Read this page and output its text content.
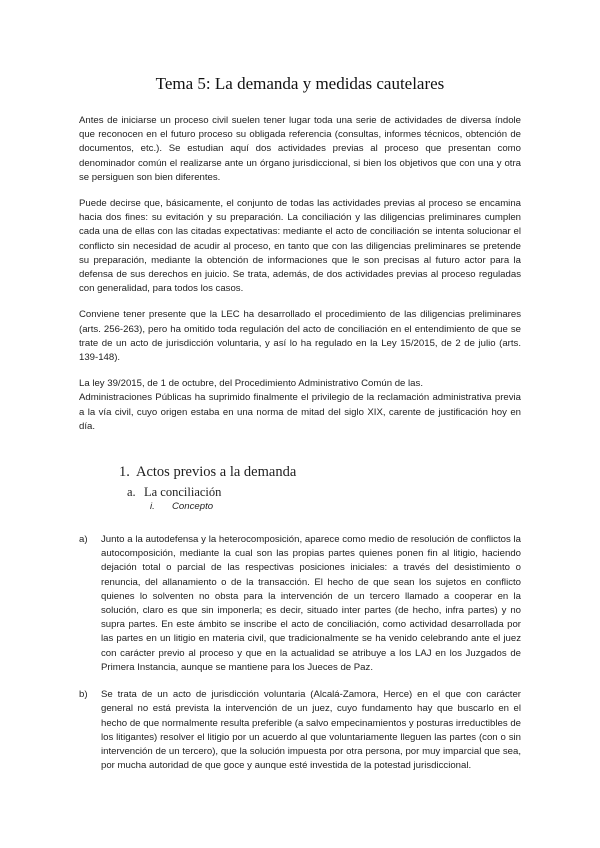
Tema 5: La demanda y medidas cautelares

Antes de iniciarse un proceso civil suelen tener lugar toda una serie de actividades de diversa índole que reconocen en el futuro proceso su obligada referencia (consultas, informes técnicos, obtención de documentos, etc.). Se estudian aquí dos actividades previas al proceso que presentan como denominador común el realizarse ante un órgano jurisdiccional, si bien los objetivos que con una y otra se persiguen son bien diferentes.

Puede decirse que, básicamente, el conjunto de todas las actividades previas al proceso se encamina hacia dos fines: su evitación y su preparación. La conciliación y las diligencias preliminares cumplen cada una de ellas con las citadas expectativas: mediante el acto de conciliación se intenta solucionar el conflicto sin necesidad de acudir al proceso, en tanto que con las diligencias preliminares se pretende su preparación, mediante la obtención de informaciones que le son precisas al futuro actor para la defensa de sus derechos en juicio. Se trata, además, de dos actividades previas al proceso reguladas con generalidad, para todos los casos.

Conviene tener presente que la LEC ha desarrollado el procedimiento de las diligencias preliminares (arts. 256-263), pero ha omitido toda regulación del acto de conciliación en el entendimiento de que se trate de un acto de jurisdicción voluntaria, y así lo ha regulado en la Ley 15/2015, de 2 de julio (arts. 139-148).

La ley 39/2015, de 1 de octubre, del Procedimiento Administrativo Común de las.

Administraciones Públicas ha suprimido finalmente el privilegio de la reclamación administrativa previa a la vía civil, cuyo origen estaba en una norma de mitad del siglo XIX, carente de justificación hoy en día.

1. Actos previos a la demanda
a. La conciliación
i. Concepto
a)	Junto a la autodefensa y la heterocomposición, aparece como medio de resolución de conflictos la autocomposición, mediante la cual son las propias partes quienes ponen fin al litigio, haciendo dejación total o parcial de las respectivas posiciones iniciales: a través del desistimiento o renuncia, del allanamiento o de la transacción. El hecho de que sean los sujetos en conflicto quienes lo solventen no obsta para la intervención de un tercero llamado a cooperar en la solución, claro es que sin imponerla; es decir, situado inter partes (de hecho, infra partes) y no supra partes. En este ámbito se inscribe el acto de conciliación, como actividad desarrollada por las partes en un litigio en materia civil, que tradicionalmente se ha venido celebrando ante el juez con carácter previo al proceso y que en la actualidad se atribuye a los LAJ en los Juzgados de Primera Instancia, aunque se mantiene para los Jueces de Paz.
b)	Se trata de un acto de jurisdicción voluntaria (Alcalá-Zamora, Herce) en el que con carácter general no está prevista la intervención de un juez, cuyo fundamento hay que buscarlo en el hecho de que normalmente resulta preferible (a salvo empecinamientos y posturas irreductibles de los litigantes) resolver el litigio por un acuerdo al que voluntariamente lleguen las partes (con o sin intervención de un tercero), que la solución impuesta por otra persona, por muy imparcial que sea, por mucha autoridad de que goce y aunque esté investida de la potestad jurisdiccional.
